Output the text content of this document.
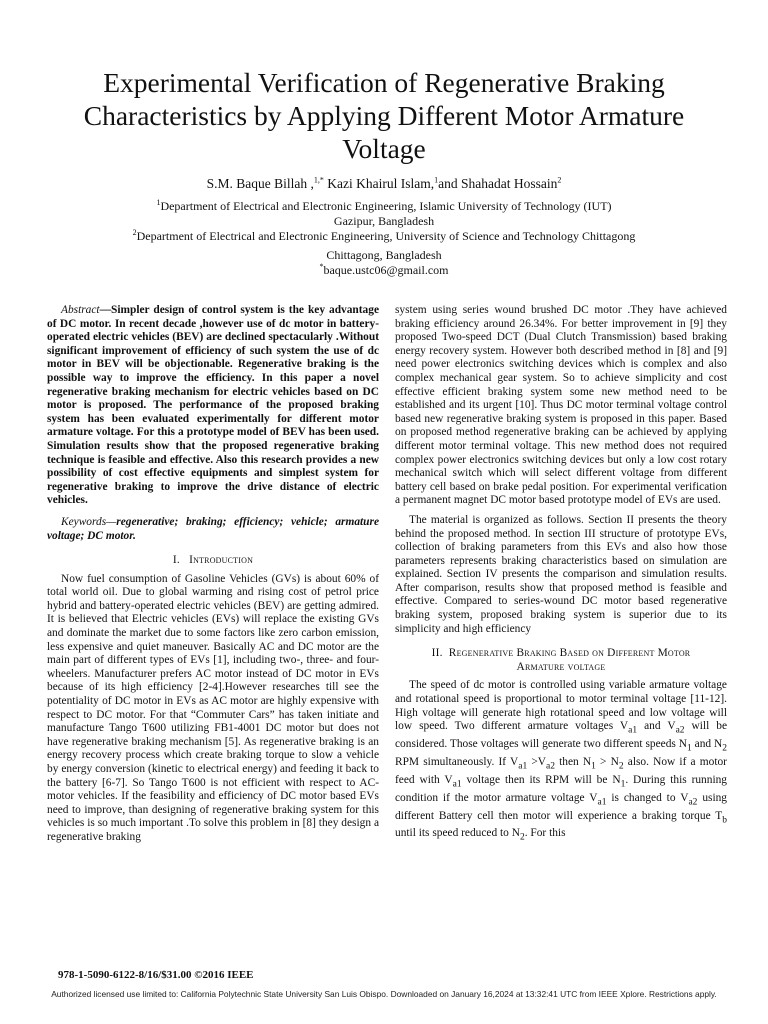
Experimental Verification of Regenerative Braking Characteristics by Applying Different Motor Armature Voltage
S.M. Baque Billah ,$^{1,*}$ Kazi Khairul Islam,$^1$and Shahadat Hossain$^2$
$^1$Department of Electrical and Electronic Engineering, Islamic University of Technology (IUT)
Gazipur, Bangladesh
$^2$Department of Electrical and Electronic Engineering, University of Science and Technology Chittagong
Chittagong, Bangladesh
*baque.ustc06@gmail.com

Abstract—Simpler design of control system is the key advantage of DC motor. In recent decade ,however use of dc motor in battery-operated electric vehicles (BEV) are declined spectacularly .Without significant improvement of efficiency of such system the use of dc motor in BEV will be objectionable. Regenerative braking is the possible way to improve the efficiency. In this paper a novel regenerative braking mechanism for electric vehicles based on DC motor is proposed. The performance of the proposed braking system has been evaluated experimentally for different motor armature voltage. For this a prototype model of BEV has been used. Simulation results show that the proposed regenerative braking technique is feasible and effective. Also this research provides a new possibility of cost effective equipments and simplest system for regenerative braking to improve the drive distance of electric vehicles.

Keywords—regenerative; braking; efficiency; vehicle; armature voltage; DC motor.

I. Introduction

Now fuel consumption of Gasoline Vehicles (GVs) is about 60% of total world oil. Due to global warming and rising cost of petrol price hybrid and battery-operated electric vehicles (BEV) are getting admired. It is believed that Electric vehicles (EVs) will replace the existing GVs and dominate the market due to some factors like zero carbon emission, less expensive and quiet maneuver. Basically AC and DC motor are the main part of different types of EVs [1], including two-, three- and four-wheelers. Manufacturer prefers AC motor instead of DC motor in EVs because of its high efficiency [2-4].However researches till see the potentiality of DC motor in EVs as AC motor are highly expensive with respect to DC motor. For that “Commuter Cars” has taken initiate and manufacture Tango T600 utilizing FB1-4001 DC motor but does not have regenerative braking mechanism [5]. As regenerative braking is an energy recovery process which create braking torque to slow a vehicle by energy conversion (kinetic to electrical energy) and feeding it back to the battery [6-7]. So Tango T600 is not efficient with respect to AC-motor vehicles. If the feasibility and efficiency of DC motor based EVs need to improve, than designing of regenerative braking system for this vehicles is so much important .To solve this problem in [8] they design a regenerative braking

system using series wound brushed DC motor .They have achieved braking efficiency around 26.34%. For better improvement in [9] they proposed Two-speed DCT (Dual Clutch Transmission) based braking energy recovery system. However both described method in [8] and [9] need power electronics switching devices which is complex and also complex mechanical gear system. So to achieve simplicity and cost effective efficient braking system some new method need to be established and its urgent [10]. Thus DC motor terminal voltage control based new regenerative braking system is proposed in this paper. Based on proposed method regenerative braking can be achieved by applying different motor terminal voltage. This new method does not required complex power electronics switching devices but only a low cost rotary mechanical switch which will select different voltage from different battery cell based on brake pedal position. For experimental verification a permanent magnet DC motor based prototype model of EVs are used.

The material is organized as follows. Section II presents the theory behind the proposed method. In section III structure of prototype EVs, collection of braking parameters from this EVs and also how those parameters represents braking characteristics based on simulation are explained. Section IV presents the comparison and simulation results. After comparison, results show that proposed method is feasible and effective. Compared to series-wound DC motor based regenerative braking system, proposed braking system is superior due to its simplicity and high efficiency

II. Regenerative Braking Based on Different Motor
Armature voltage

The speed of dc motor is controlled using variable armature voltage and rotational speed is proportional to motor terminal voltage [11-12]. High voltage will generate high rotational speed and low voltage will low speed. Two different armature voltages $V_{a1}$ and $V_{a2}$ will be considered. Those voltages will generate two different speeds $N_1$ and $N_2$ RPM simultaneously. If $V_{a1} >V_{a2}$ then $N_1 > N_2$ also. Now if a motor feed with $V_{a1}$ voltage then its RPM will be $N_1$. During this running condition if the motor armature voltage $V_{a1}$ is changed to $V_{a2}$ using different Battery cell then motor will experience a braking torque $T_b$ until its speed reduced to $N_2$. For this

978-1-5090-6122-8/16/$31.00 ©2016 IEEE
Authorized licensed use limited to: California Polytechnic State University San Luis Obispo. Downloaded on January 16,2024 at 13:32:41 UTC from IEEE Xplore. Restrictions apply.
